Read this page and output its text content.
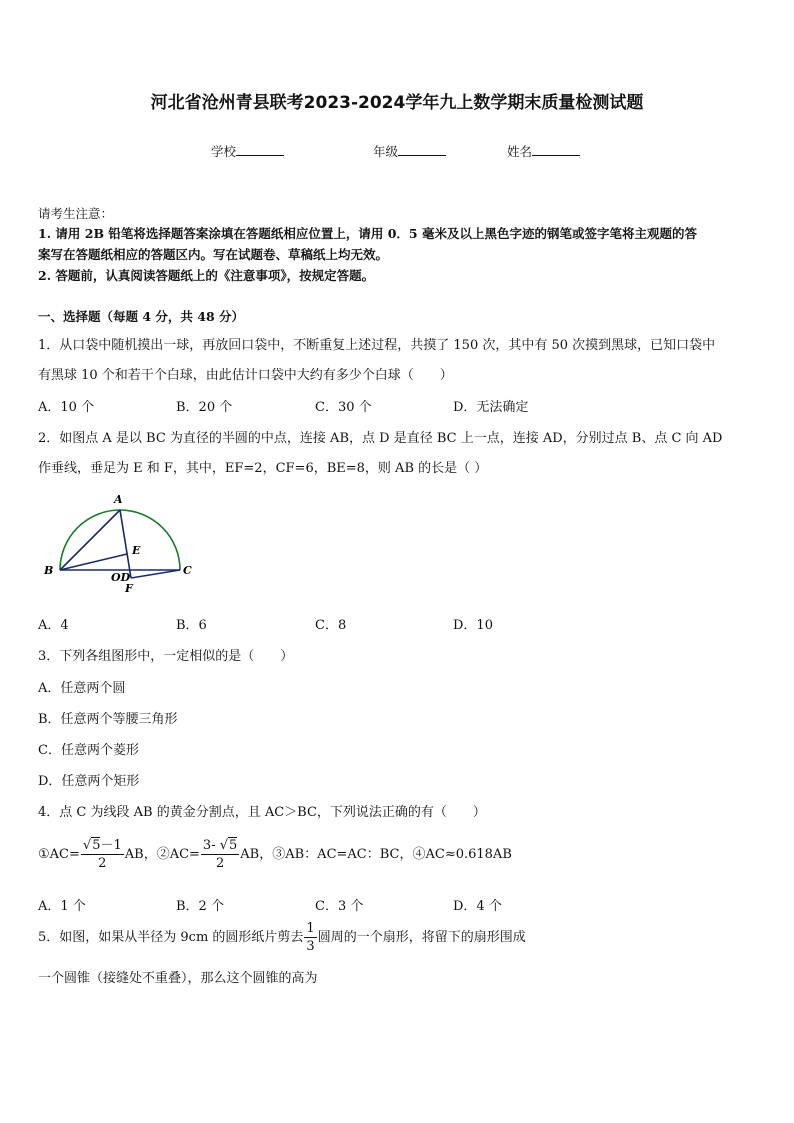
河北省沧州青县联考2023-2024学年九上数学期末质量检测试题
学校	年级	姓名
请考生注意：
1. 请用 2B 铅笔将选择题答案涂填在答题纸相应位置上，请用 0．5 毫米及以上黑色字迹的钢笔或签字笔将主观题的答
案写在答题纸相应的答题区内。写在试题卷、草稿纸上均无效。
2. 答题前，认真阅读答题纸上的《注意事项》，按规定答题。
一、选择题（每题 4 分，共 48 分）
1．从口袋中随机摸出一球，再放回口袋中，不断重复上述过程，共摸了 150 次，其中有 50 次摸到黑球，已知口袋中
有黑球 10 个和若干个白球，由此估计口袋中大约有多少个白球（　　）
A．10 个	B．20 个	C．30 个	D．无法确定
2．如图点 A 是以 BC 为直径的半圆的中点，连接 AB，点 D 是直径 BC 上一点，连接 AD，分别过点 B、点 C 向 AD
作垂线，垂足为 E 和 F，其中，EF=2，CF=6，BE=8，则 AB 的长是（ ）
A
B	C
E
OD
F
A．4	B．6	C．8	D．10
3．下列各组图形中，一定相似的是（　　）
A．任意两个圆
B．任意两个等腰三角形
C．任意两个菱形
D．任意两个矩形
4．点 C 为线段 AB 的黄金分割点，且 AC＞BC，下列说法正确的有（　　）
①AC= $\frac{√5-1}{2}$ AB，②AC= $\frac{3- √5}{2}$ AB，③AB：AC=AC：BC，④AC≈0.618AB
A．1 个	B．2 个	C．3 个	D．4 个
5．如图，如果从半径为 9cm 的圆形纸片剪去 $\frac{1}{3}$ 圆周的一个扇形，将留下的扇形围成
一个圆锥（接缝处不重叠），那么这个圆锥的高为
